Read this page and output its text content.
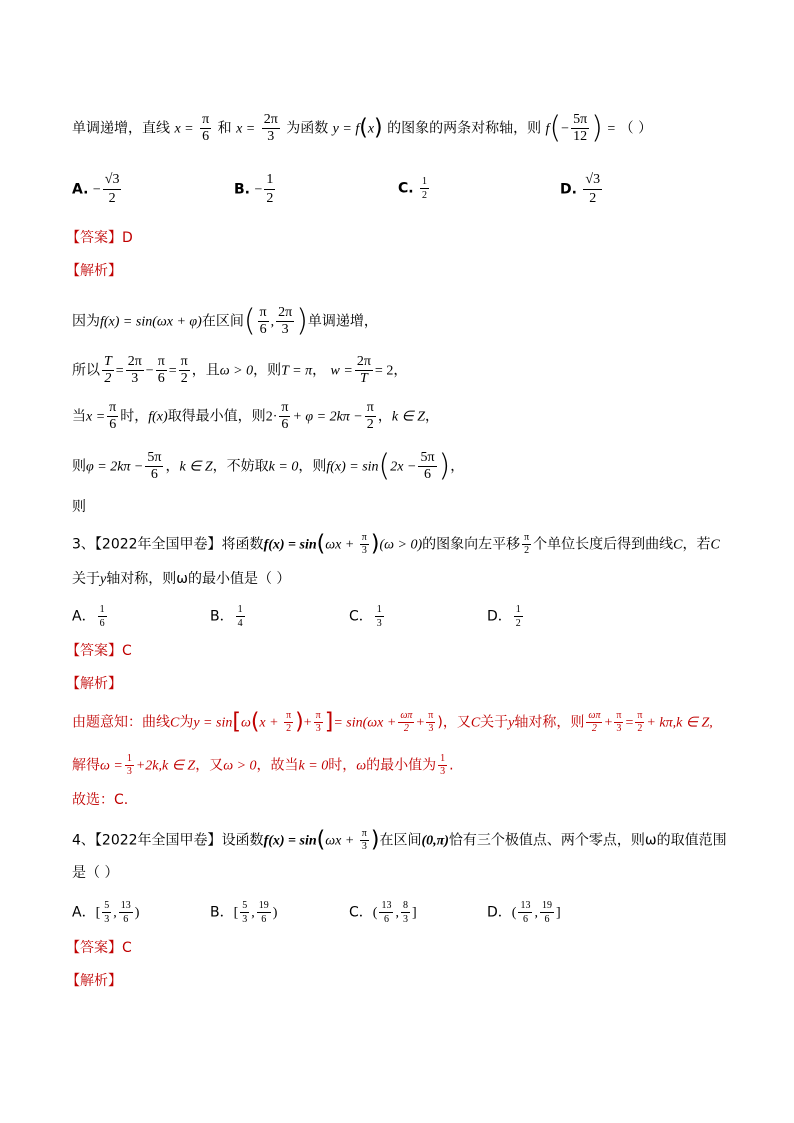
单调递增，直线 $x = \frac{\pi}{6}$ 和 $x = \frac{2\pi}{3}$ 为函数 y = f(x) 的图象的两条对称轴，则 $f(- \frac{5\pi}{12}$ ) = （ ）
A. − $\frac{√3}{2}$	B. − $\frac{1}{2}$	C. $\frac{1}{2}$	D. $\frac{√3}{2}$
【答案】D
【解析】
因为f(x) = sin(ωx + φ)在区间( $\frac{\pi}{6}$ , $\frac{2\pi}{3}$ )单调递增，
所以 $\frac{T}{2} = \frac{2\pi}{3} - \frac{\pi}{6} = \frac{\pi}{2}$ ，且ω > 0，则T = π， $w = \frac{2\pi}{T} = 2$，
当$x = \frac{\pi}{6}$ 时，f(x)取得最小值，则$2\cdot \frac{\pi}{6} + \varphi = 2k\pi - \frac{\pi}{2}$ ，k ∈ Z，
则$\varphi = 2k\pi - \frac{5\pi}{6}$ ，k ∈ Z，不妨取k = 0，则$f(x) = \sin(2x - \frac{5\pi}{6}$ )，
则
3、【2022年全国甲卷】将函数$f(x) = \sin(\omega x + \frac{\pi}{3} )(\omega > 0)$的图象向左平移 $\frac{\pi}{2}$ 个单位长度后得到曲线C，若C
关于y轴对称，则ω的最小值是（ ）
A． $\frac{1}{6}$	B． $\frac{1}{4}$	C． $\frac{1}{3}$	D． $\frac{1}{2}$
【答案】C
【解析】
由题意知：曲线C为$y = \sin[\omega(x + \frac{\pi}{2}$ )+ $\frac{\pi}{3}$ ]= $\sin(\omega x + \frac{\omega\pi}{2} + \frac{\pi}{3}$ )，又C关于y轴对称，则 $\frac{\omega\pi}{2} + \frac{\pi}{3} = \frac{\pi}{2} + k\pi,k$ ∈ Z,
解得$\omega = \frac{1}{3} +2k,k$ ∈ Z，又ω > 0，故当k = 0时，ω的最小值为 $\frac{1}{3}$ .
故选：C.
4、【2022年全国甲卷】设函数$f(x) = \sin(\omega x + \frac{\pi}{3}$ )在区间(0,π)恰有三个极值点、两个零点，则ω的取值范围
是（ ）
A．[ $\frac{5}{3}$ , $\frac{13}{6}$ )	B．[ $\frac{5}{3}$ , $\frac{19}{6}$ )	C．( $\frac{13}{6}$ , $\frac{8}{3}$ ]	D．( $\frac{13}{6}$ , $\frac{19}{6}$ ]
【答案】C
【解析】
